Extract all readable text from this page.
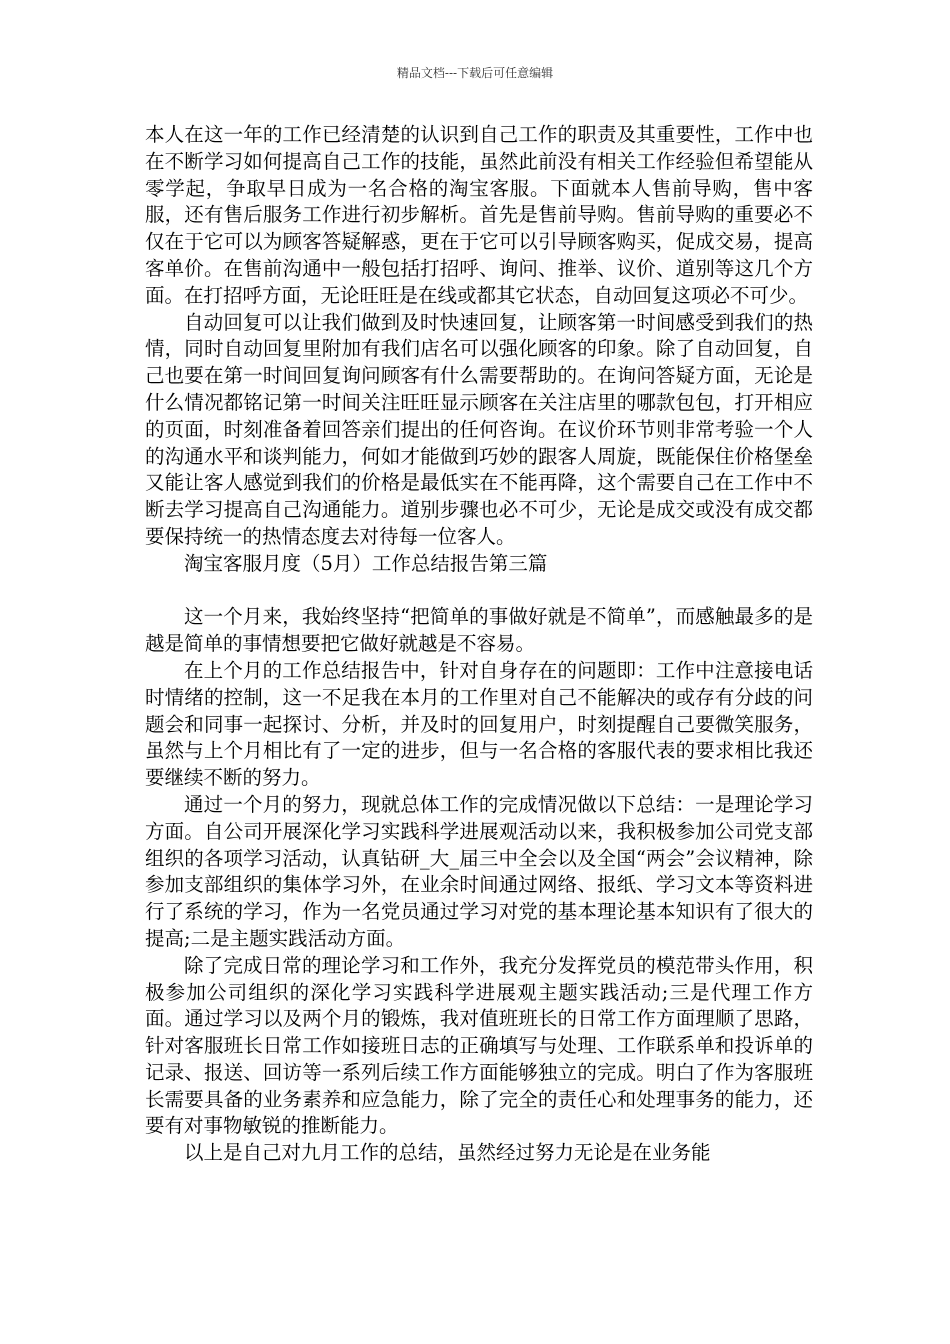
精品文档---下载后可任意编辑

本人在这一年的工作已经清楚的认识到自己工作的职责及其重要性，工作中也在不断学习如何提高自己工作的技能，虽然此前没有相关工作经验但希望能从零学起，争取早日成为一名合格的淘宝客服。下面就本人售前导购，售中客服，还有售后服务工作进行初步解析。首先是售前导购。售前导购的重要必不仅在于它可以为顾客答疑解惑，更在于它可以引导顾客购买，促成交易，提高客单价。在售前沟通中一般包括打招呼、询问、推举、议价、道别等这几个方面。在打招呼方面，无论旺旺是在线或都其它状态，自动回复这项必不可少。

自动回复可以让我们做到及时快速回复，让顾客第一时间感受到我们的热情，同时自动回复里附加有我们店名可以强化顾客的印象。除了自动回复，自己也要在第一时间回复询问顾客有什么需要帮助的。在询问答疑方面，无论是什么情况都铭记第一时间关注旺旺显示顾客在关注店里的哪款包包，打开相应的页面，时刻准备着回答亲们提出的任何咨询。在议价环节则非常考验一个人的沟通水平和谈判能力，何如才能做到巧妙的跟客人周旋，既能保住价格堡垒又能让客人感觉到我们的价格是最低实在不能再降，这个需要自己在工作中不断去学习提高自己沟通能力。道别步骤也必不可少，无论是成交或没有成交都要保持统一的热情态度去对待每一位客人。

淘宝客服月度（5月）工作总结报告第三篇

这一个月来，我始终坚持“把简单的事做好就是不简单”，而感触最多的是越是简单的事情想要把它做好就越是不容易。

在上个月的工作总结报告中，针对自身存在的问题即：工作中注意接电话时情绪的控制，这一不足我在本月的工作里对自己不能解决的或存有分歧的问题会和同事一起探讨、分析，并及时的回复用户，时刻提醒自己要微笑服务，虽然与上个月相比有了一定的进步，但与一名合格的客服代表的要求相比我还要继续不断的努力。

通过一个月的努力，现就总体工作的完成情况做以下总结：一是理论学习方面。自公司开展深化学习实践科学进展观活动以来，我积极参加公司党支部组织的各项学习活动，认真钻研_大_届三中全会以及全国“两会”会议精神，除参加支部组织的集体学习外，在业余时间通过网络、报纸、学习文本等资料进行了系统的学习，作为一名党员通过学习对党的基本理论基本知识有了很大的提高;二是主题实践活动方面。

除了完成日常的理论学习和工作外，我充分发挥党员的模范带头作用，积极参加公司组织的深化学习实践科学进展观主题实践活动;三是代理工作方面。通过学习以及两个月的锻炼，我对值班班长的日常工作方面理顺了思路，针对客服班长日常工作如接班日志的正确填写与处理、工作联系单和投诉单的记录、报送、回访等一系列后续工作方面能够独立的完成。明白了作为客服班长需要具备的业务素养和应急能力，除了完全的责任心和处理事务的能力，还要有对事物敏锐的推断能力。

以上是自己对九月工作的总结，虽然经过努力无论是在业务能
